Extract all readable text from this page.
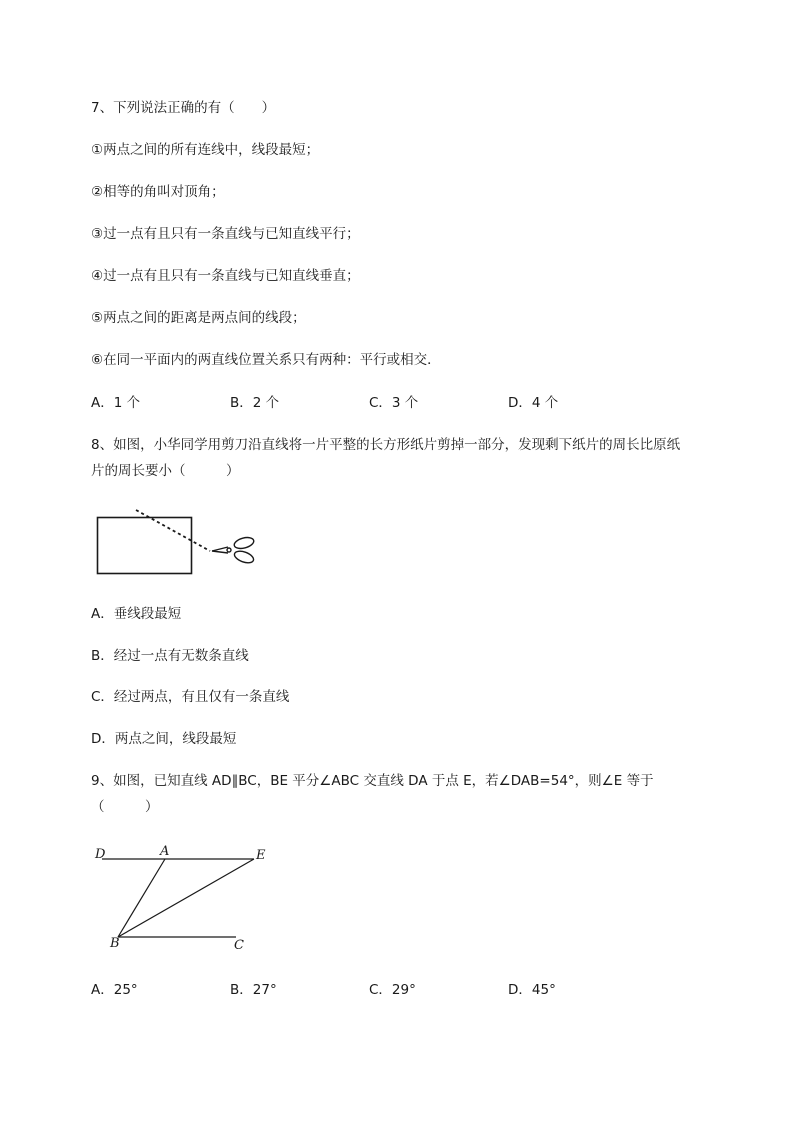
7、下列说法正确的有（　　）
①两点之间的所有连线中，线段最短；
②相等的角叫对顶角；
③过一点有且只有一条直线与已知直线平行；
④过一点有且只有一条直线与已知直线垂直；
⑤两点之间的距离是两点间的线段；
⑥在同一平面内的两直线位置关系只有两种：平行或相交．
A．1 个	B．2 个	C．3 个	D．4 个
8、如图，小华同学用剪刀沿直线将一片平整的长方形纸片剪掉一部分，发现剩下纸片的周长比原纸
片的周长要小（　　　）
A．垂线段最短
B．经过一点有无数条直线
C．经过两点，有且仅有一条直线
D．两点之间，线段最短
9、如图，已知直线 AD∥BC，BE 平分∠ABC 交直线 DA 于点 E，若∠DAB=54°，则∠E 等于
（　　　）
D	A	E
B	C
A．25°	B．27°	C．29°	D．45°
